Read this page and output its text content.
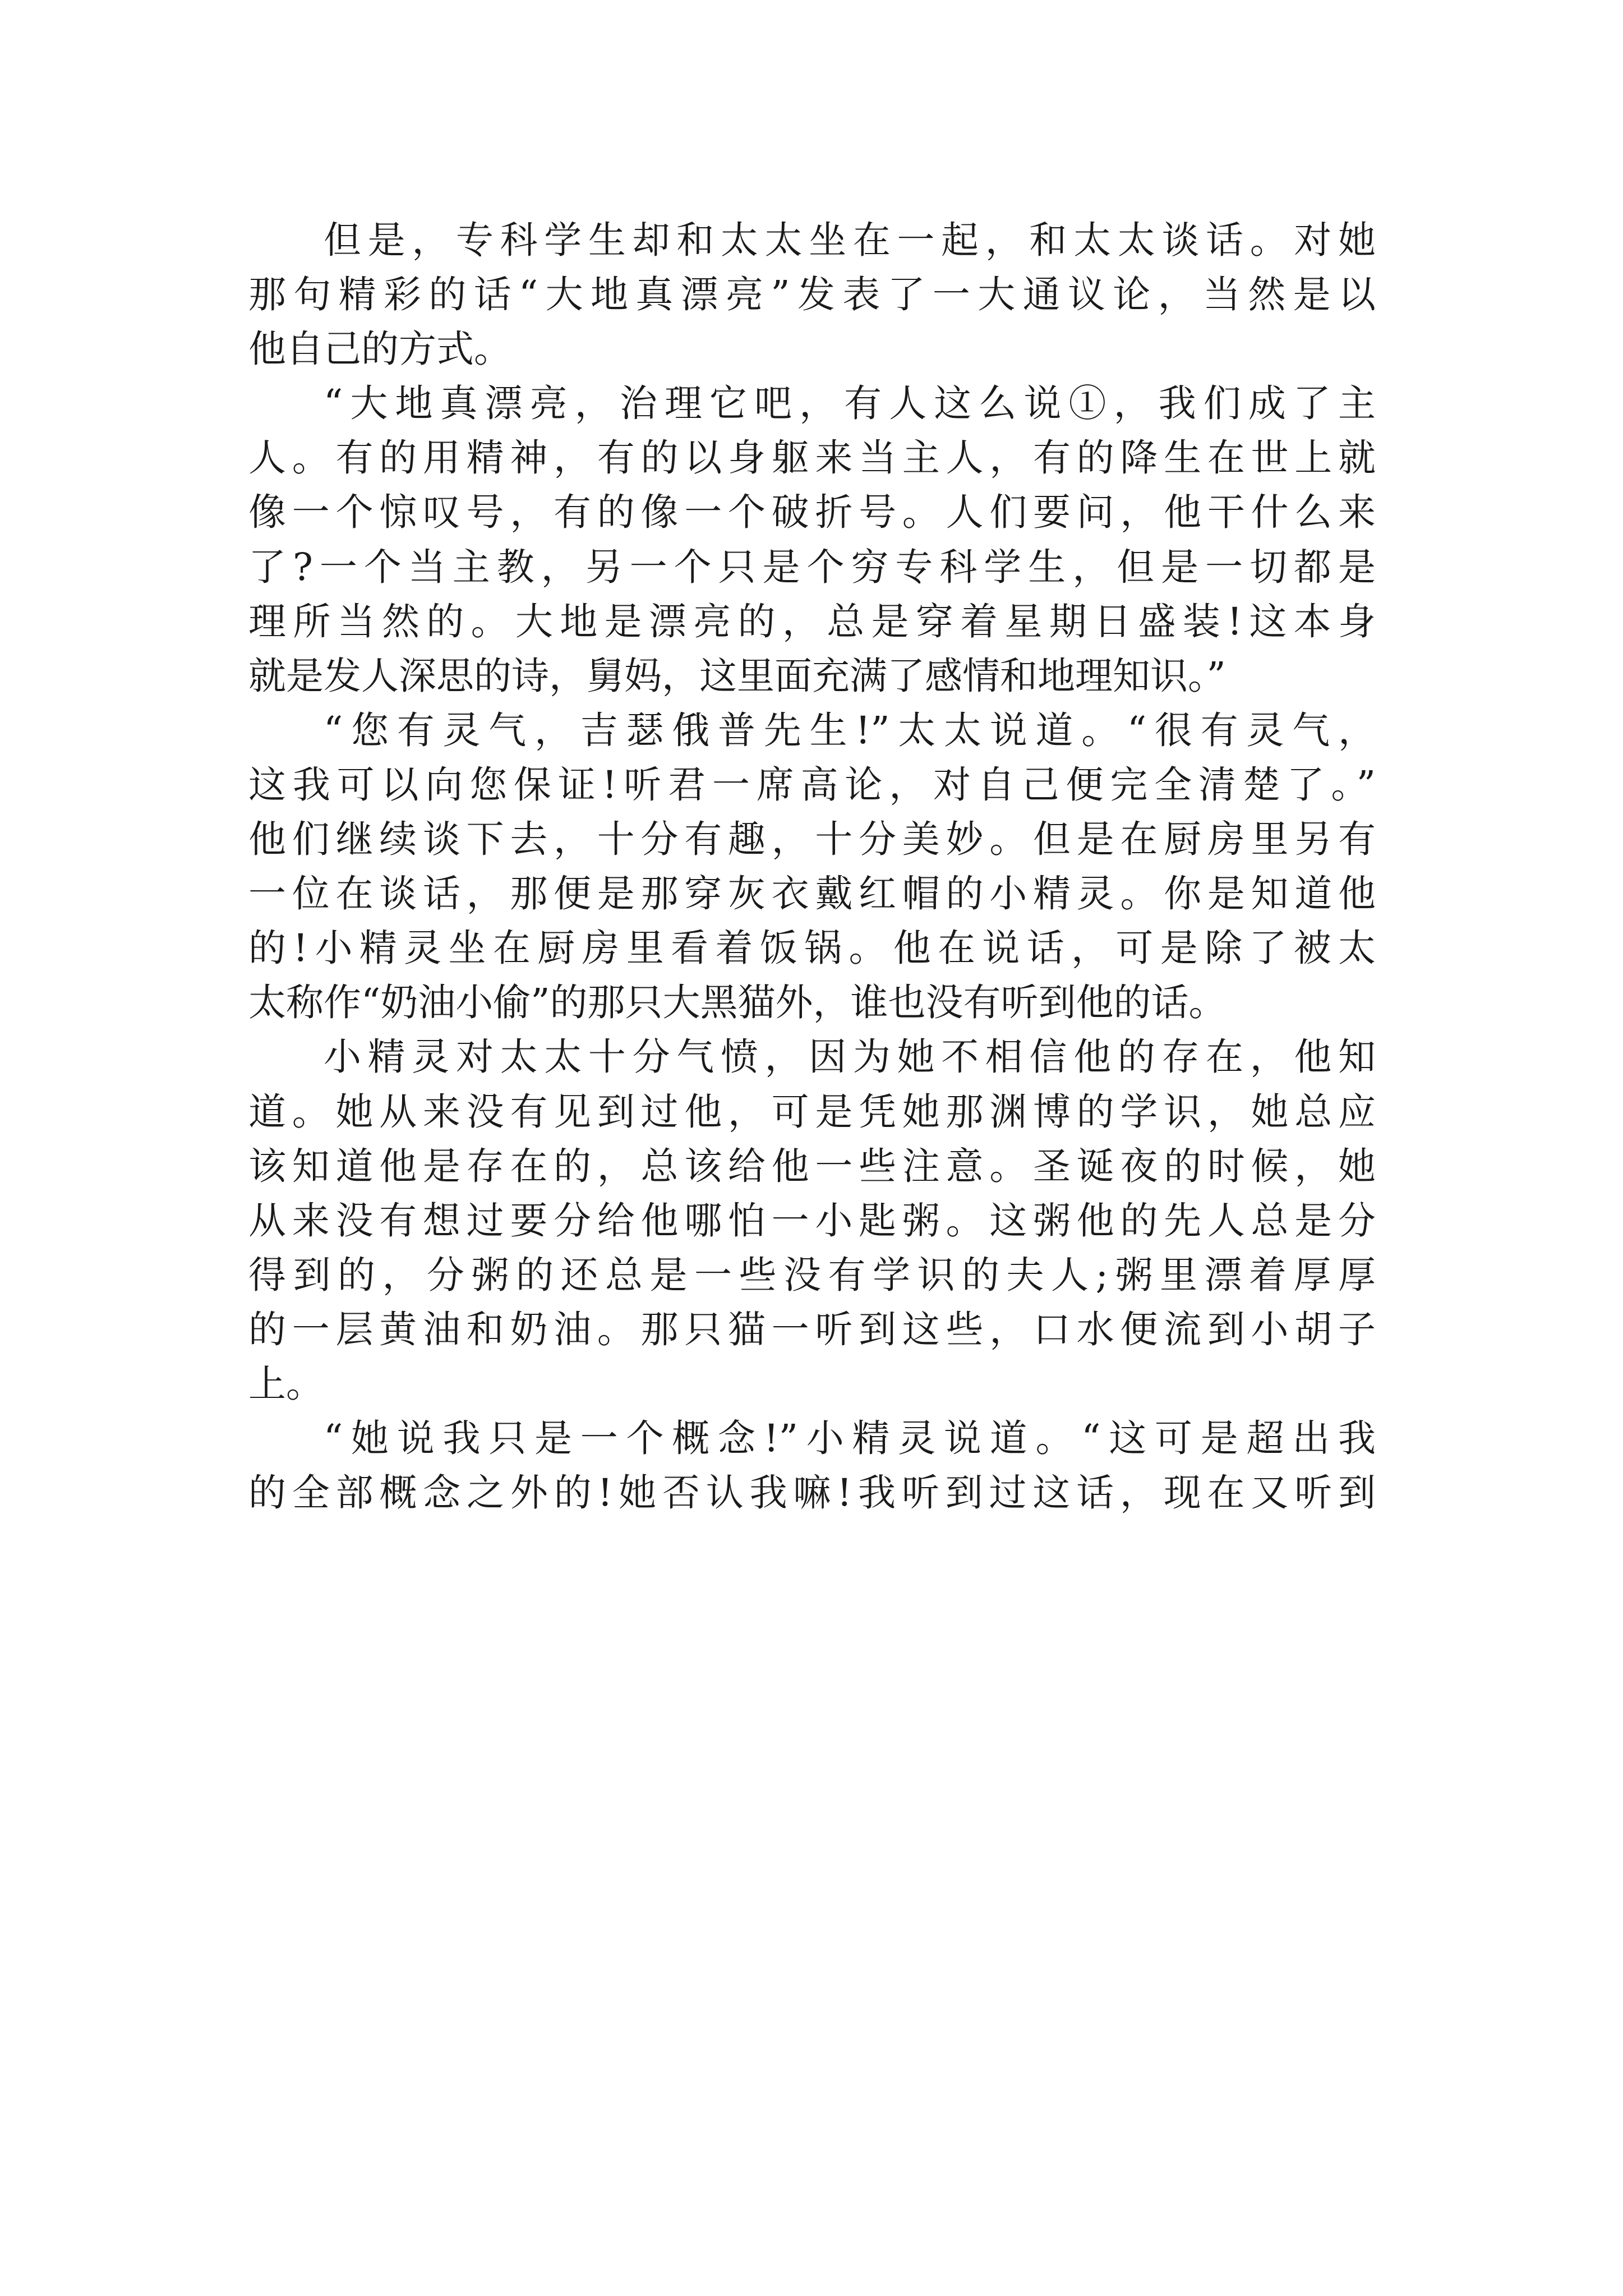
但是，专科学生却和太太坐在一起，和太太谈话。对她
那句精彩的话“大地真漂亮”发表了一大通议论，当然是以
他自己的方式。
“大地真漂亮，治理它吧，有人这么说①，我们成了主
人。有的用精神，有的以身躯来当主人，有的降生在世上就
像一个惊叹号，有的像一个破折号。人们要问，他干什么来
了?一个当主教，另一个只是个穷专科学生，但是一切都是
理所当然的。大地是漂亮的，总是穿着星期日盛装!这本身
就是发人深思的诗，舅妈，这里面充满了感情和地理知识。”
“您有灵气，吉瑟俄普先生!”太太说道。“很有灵气，
这我可以向您保证!听君一席高论，对自己便完全清楚了。”
他们继续谈下去，十分有趣，十分美妙。但是在厨房里另有
一位在谈话，那便是那穿灰衣戴红帽的小精灵。你是知道他
的!小精灵坐在厨房里看着饭锅。他在说话，可是除了被太
太称作“奶油小偷”的那只大黑猫外，谁也没有听到他的话。
小精灵对太太十分气愤，因为她不相信他的存在，他知
道。她从来没有见到过他，可是凭她那渊博的学识，她总应
该知道他是存在的，总该给他一些注意。圣诞夜的时候，她
从来没有想过要分给他哪怕一小匙粥。这粥他的先人总是分
得到的，分粥的还总是一些没有学识的夫人;粥里漂着厚厚
的一层黄油和奶油。那只猫一听到这些，口水便流到小胡子
上。
“她说我只是一个概念!”小精灵说道。“这可是超出我
的全部概念之外的!她否认我嘛!我听到过这话，现在又听到
